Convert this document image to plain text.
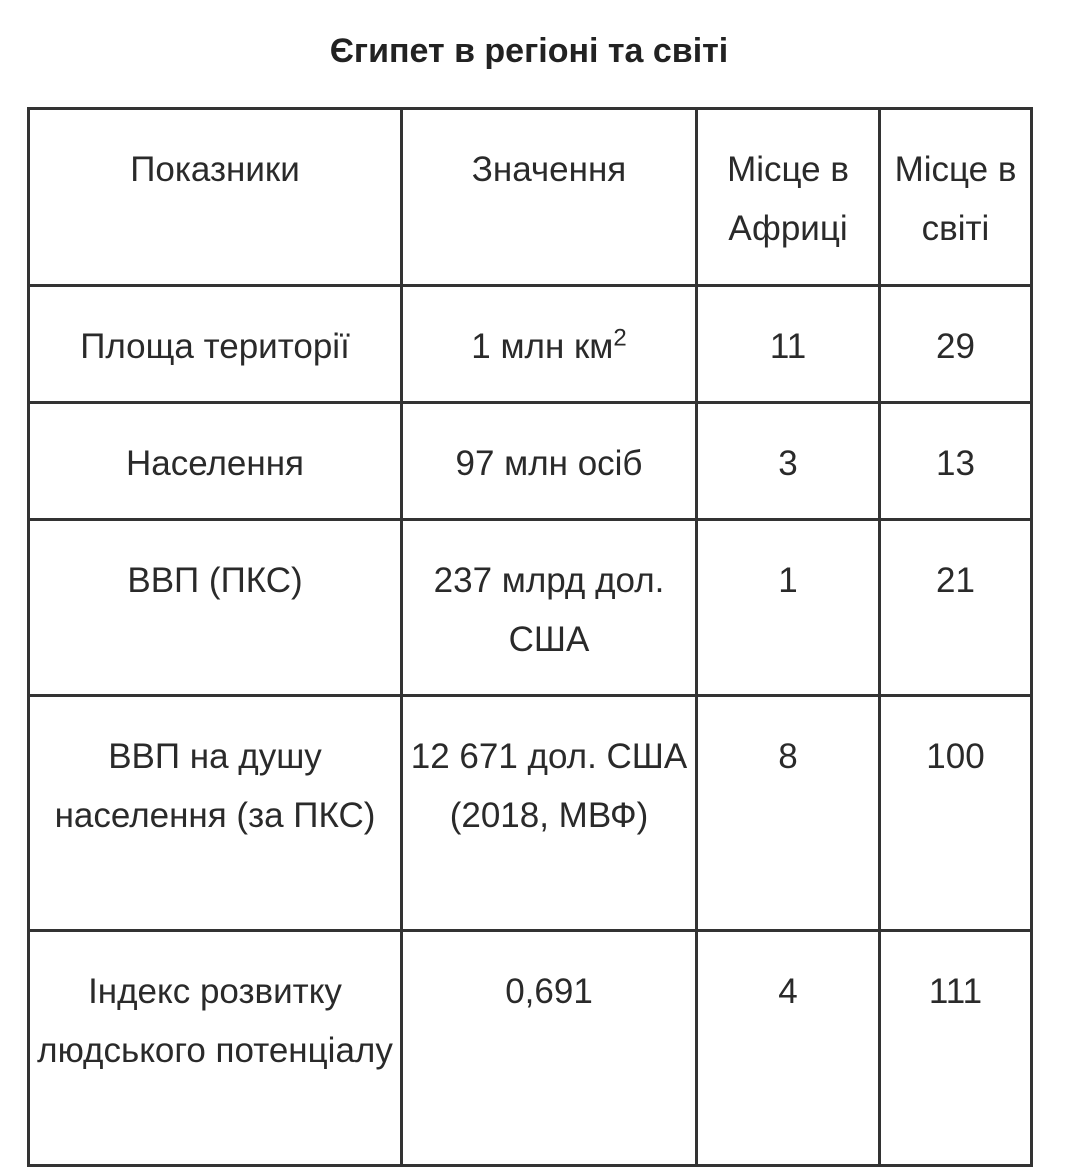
Єгипет в регіоні та світі
Показники	Значення	Місце в Африці	Місце в світі
Площа території	1 млн $км^2$	11	29
Населення	97 млн осіб	3	13
ВВП (ПКС)	237 млрд дол. США	1	21
ВВП на душу населення (за ПКС)	12 671 дол. США (2018, МВФ)	8	100
Індекс розвитку людського потенціалу	0,691	4	111
